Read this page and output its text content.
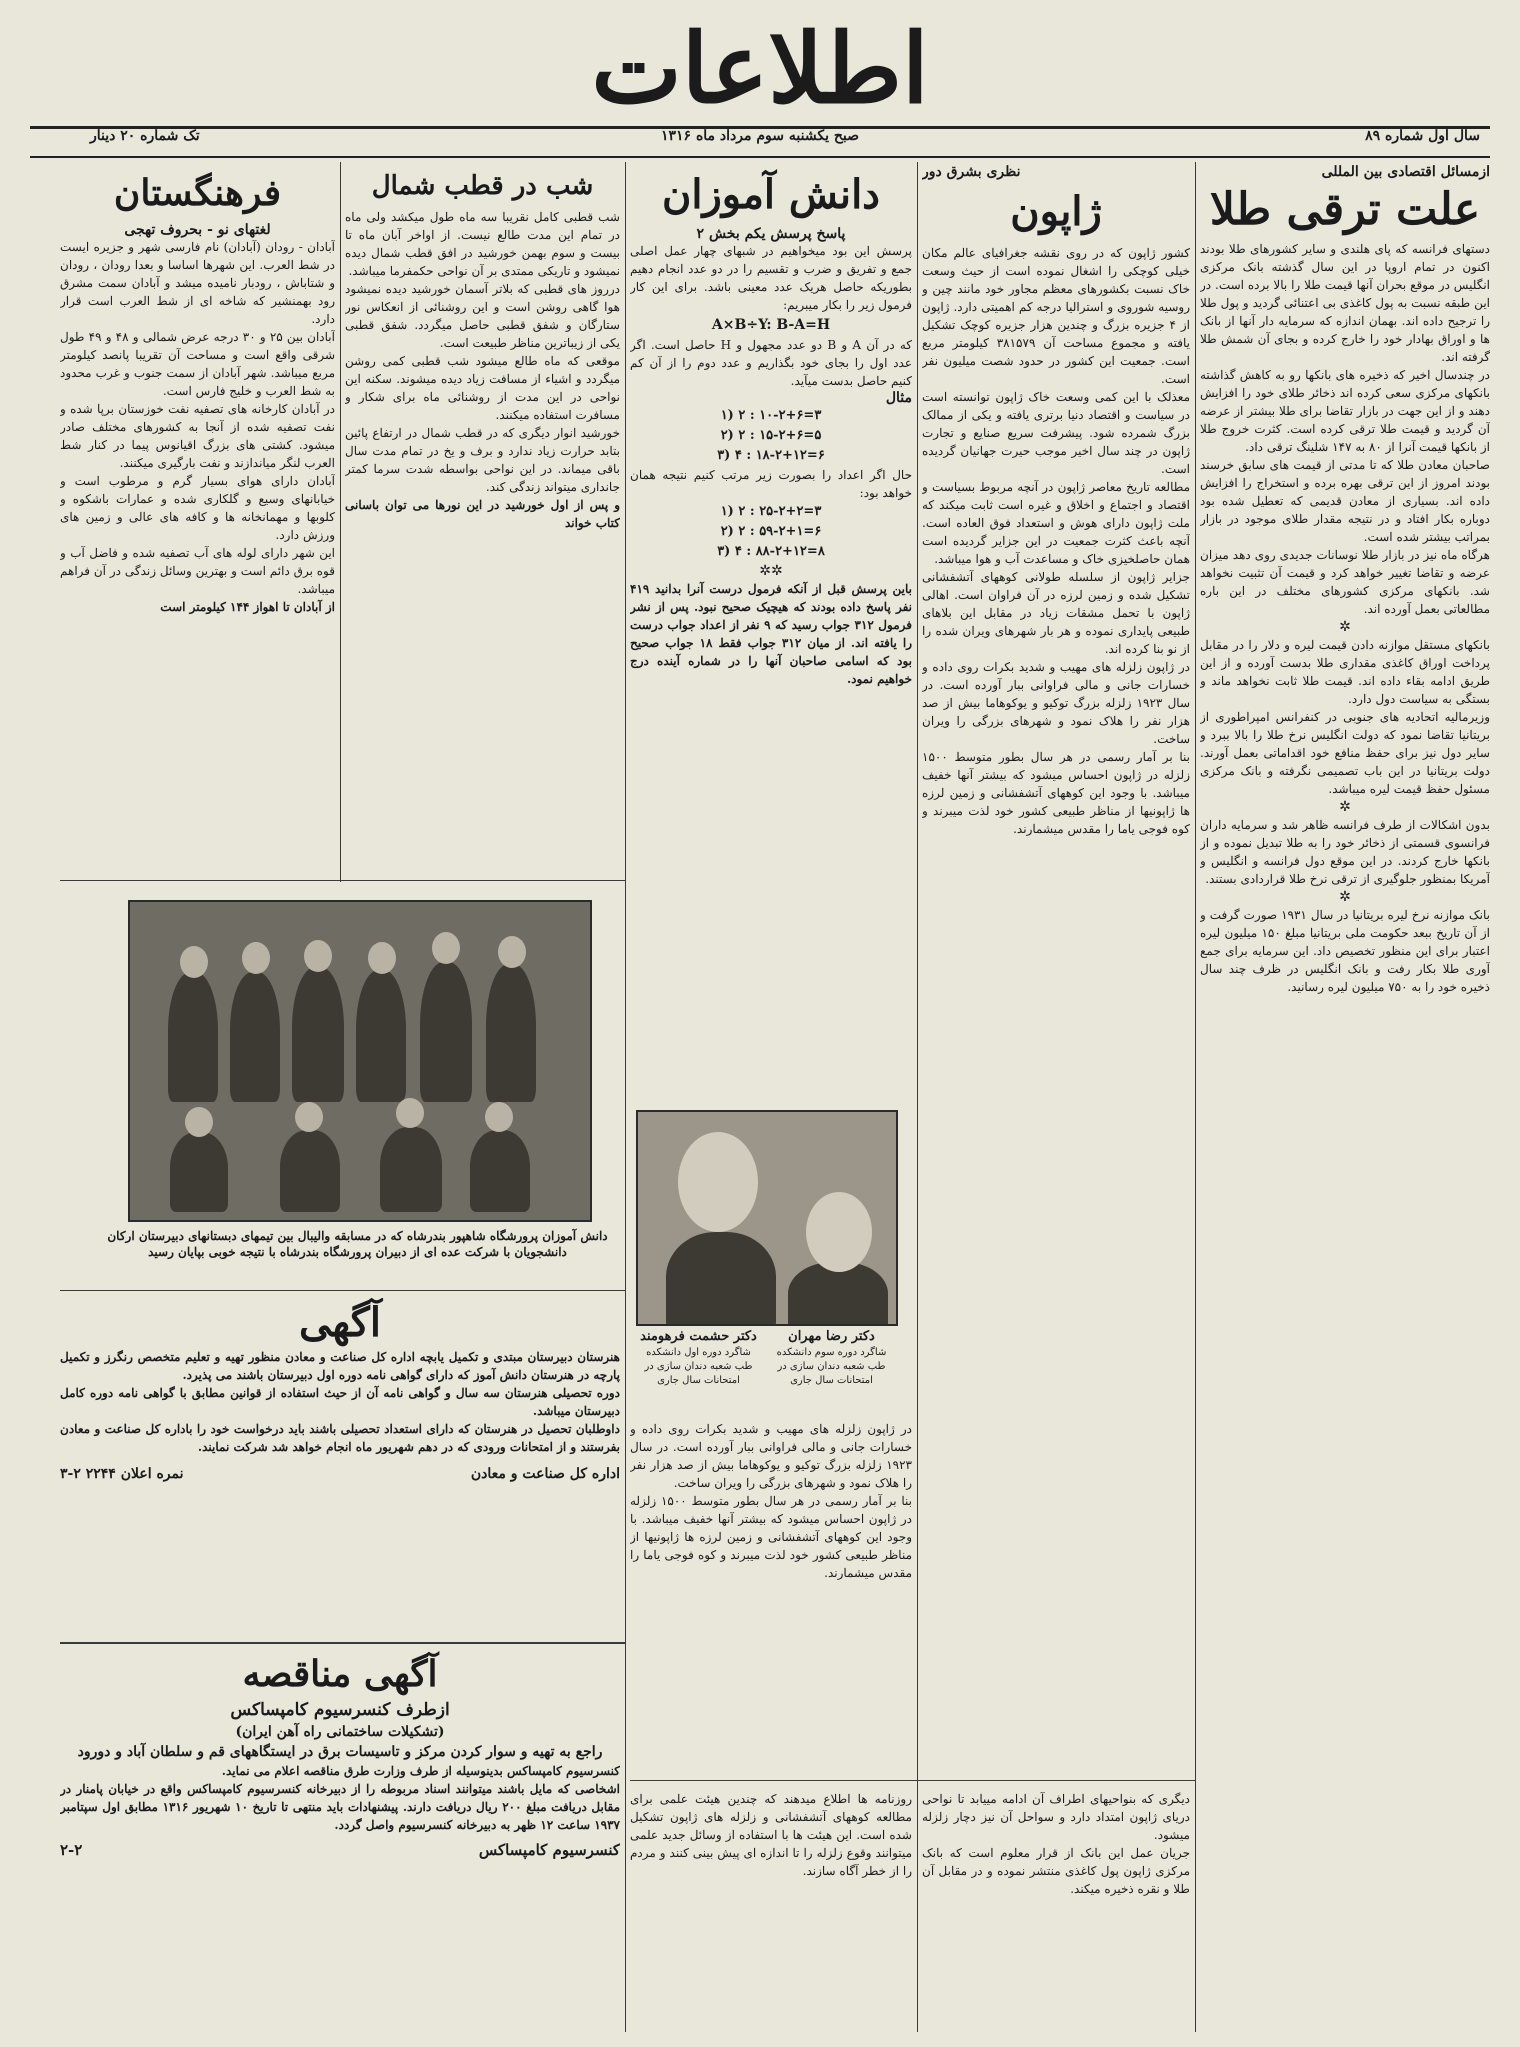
اطلاعات
سال اول شماره ۸۹
صبح یکشنبه سوم مرداد ماه ۱۳۱۶
تک شماره ۲۰ دینار
ازمسائل اقتصادی بین المللی
علت ترقی طلا
دستهای فرانسه که پای هلندی و سایر کشورهای طلا بودند اکنون در تمام اروپا در این سال گذشته بانک مرکزی انگلیس در موقع بحران آنها قیمت طلا را بالا برده است. در این طبقه نسبت به پول کاغذی بی اعتنائی گردید و پول طلا را ترجیح داده اند. بهمان اندازه که سرمایه دار آنها از بانک ها و اوراق بهادار خود را خارج کرده و بجای آن شمش طلا گرفته اند.
در چندسال اخیر که ذخیره های بانکها رو به کاهش گذاشته بانکهای مرکزی سعی کرده اند ذخائر طلای خود را افزایش دهند و از این جهت در بازار تقاضا برای طلا بیشتر از عرضه آن گردید و قیمت طلا ترقی کرده است. کثرت خروج طلا از بانکها قیمت آنرا از ۸۰ به ۱۴۷ شلینگ ترقی داد.
صاحبان معادن طلا که تا مدتی از قیمت های سابق خرسند بودند امروز از این ترقی بهره برده و استخراج را افزایش داده اند. بسیاری از معادن قدیمی که تعطیل شده بود دوباره بکار افتاد و در نتیجه مقدار طلای موجود در بازار بمراتب بیشتر شده است.
هرگاه ماه نیز در بازار طلا نوسانات جدیدی روی دهد میزان عرضه و تقاضا تغییر خواهد کرد و قیمت آن تثبیت نخواهد شد. بانکهای مرکزی کشورهای مختلف در این باره مطالعاتی بعمل آورده اند.
✲
بانکهای مستقل موازنه دادن قیمت لیره و دلار را در مقابل پرداخت اوراق کاغذی مقداری طلا بدست آورده و از این طریق ادامه بقاء داده اند. قیمت طلا ثابت نخواهد ماند و بستگی به سیاست دول دارد.
وزیرمالیه اتحادیه های جنوبی در کنفرانس امپراطوری از بریتانیا تقاضا نمود که دولت انگلیس نرخ طلا را بالا ببرد و سایر دول نیز برای حفظ منافع خود اقداماتی بعمل آورند. دولت بریتانیا در این باب تصمیمی نگرفته و بانک مرکزی مسئول حفظ قیمت لیره میباشد.
✲
بدون اشکالات از طرف فرانسه ظاهر شد و سرمایه داران فرانسوی قسمتی از ذخائر خود را به طلا تبدیل نموده و از بانکها خارج کردند. در این موقع دول فرانسه و انگلیس و آمریکا بمنظور جلوگیری از ترقی نرخ طلا قراردادی بستند.
✲
بانک موازنه نرخ لیره بریتانیا در سال ۱۹۳۱ صورت گرفت و از آن تاریخ ببعد حکومت ملی بریتانیا مبلغ ۱۵۰ میلیون لیره اعتبار برای این منظور تخصیص داد. این سرمایه برای جمع آوری طلا بکار رفت و بانک انگلیس در ظرف چند سال ذخیره خود را به ۷۵۰ میلیون لیره رسانید.
نظری بشرق دور
ژاپون
کشور ژاپون که در روی نقشه جغرافیای عالم مکان خیلی کوچکی را اشغال نموده است از حیث وسعت خاک نسبت بکشورهای معظم مجاور خود مانند چین و روسیه شوروی و استرالیا درجه کم اهمیتی دارد. ژاپون از ۴ جزیره بزرگ و چندین هزار جزیره کوچک تشکیل یافته و مجموع مساحت آن ۳۸۱۵۷۹ کیلومتر مربع است. جمعیت این کشور در حدود شصت میلیون نفر است.
معذلک با این کمی وسعت خاک ژاپون توانسته است در سیاست و اقتصاد دنیا برتری یافته و یکی از ممالک بزرگ شمرده شود. پیشرفت سریع صنایع و تجارت ژاپون در چند سال اخیر موجب حیرت جهانیان گردیده است.
مطالعه تاریخ معاصر ژاپون در آنچه مربوط بسیاست و اقتصاد و اجتماع و اخلاق و غیره است ثابت میکند که ملت ژاپون دارای هوش و استعداد فوق العاده است. آنچه باعث کثرت جمعیت در این جزایر گردیده است همان حاصلخیزی خاک و مساعدت آب و هوا میباشد.
جزایر ژاپون از سلسله طولانی کوههای آتشفشانی تشکیل شده و زمین لرزه در آن فراوان است. اهالی ژاپون با تحمل مشقات زیاد در مقابل این بلاهای طبیعی پایداری نموده و هر بار شهرهای ویران شده را از نو بنا کرده اند.
در ژاپون زلزله های مهیب و شدید بکرات روی داده و خسارات جانی و مالی فراوانی ببار آورده است. در سال ۱۹۲۳ زلزله بزرگ توکیو و یوکوهاما بیش از صد هزار نفر را هلاک نمود و شهرهای بزرگی را ویران ساخت.
بنا بر آمار رسمی در هر سال بطور متوسط ۱۵۰۰ زلزله در ژاپون احساس میشود که بیشتر آنها خفیف میباشد. با وجود این کوههای آتشفشانی و زمین لرزه ها ژاپونیها از مناظر طبیعی کشور خود لذت میبرند و کوه فوجی یاما را مقدس میشمارند.
دانش آموزان
پاسخ پرسش یکم بخش ۲
پرسش این بود میخواهیم در شبهای چهار عمل اصلی جمع و تفریق و ضرب و تقسیم را در دو عدد انجام دهیم بطوریکه حاصل هریک عدد معینی باشد. برای این کار فرمول زیر را بکار میبریم:
A×B÷Y: B-A=H
که در آن A و B دو عدد مجهول و H حاصل است. اگر عدد اول را بجای خود بگذاریم و عدد دوم را از آن کم کنیم حاصل بدست میآید.
مثال
۳=۱۰-۲+۶ : ۲ (۱
۵=۱۵-۲+۶ : ۲ (۲
۶=۱۸-۲+۱۲ : ۴ (۳
حال اگر اعداد را بصورت زیر مرتب کنیم نتیجه همان خواهد بود:
۳=۲۵-۲+۲ : ۲ (۱
۶=۵۹-۲+۱ : ۲ (۲
۸=۸۸-۲+۱۲ : ۴ (۳
✲✲
باین پرسش قبل از آنکه فرمول درست آنرا بدانید ۴۱۹ نفر پاسخ داده بودند که هیچیک صحیح نبود. پس از نشر فرمول ۳۱۲ جواب رسید که ۹ نفر از اعداد جواب درست را یافته اند. از میان ۳۱۲ جواب فقط ۱۸ جواب صحیح بود که اسامی صاحبان آنها را در شماره آینده درج خواهیم نمود.
شب در قطب شمال
شب قطبی کامل نقریبا سه ماه طول میکشد ولی ماه در تمام این مدت طالع نیست. از اواخر آبان ماه تا بیست و سوم بهمن خورشید در افق قطب شمال دیده نمیشود و تاریکی ممتدی بر آن نواحی حکمفرما میباشد.
درروز های قطبی که بلاتر آسمان خورشید دیده نمیشود هوا گاهی روشن است و این روشنائی از انعکاس نور ستارگان و شفق قطبی حاصل میگردد. شفق قطبی یکی از زیباترین مناظر طبیعت است.
موقعی که ماه طالع میشود شب قطبی کمی روشن میگردد و اشیاء از مسافت زیاد دیده میشوند. سکنه این نواحی در این مدت از روشنائی ماه برای شکار و مسافرت استفاده میکنند.
خورشید انوار دیگری که در قطب شمال در ارتفاع پائین بتابد حرارت زیاد ندارد و برف و یخ در تمام مدت سال باقی میماند. در این نواحی بواسطه شدت سرما کمتر جانداری میتواند زندگی کند.
و پس از اول خورشید در این نورها می توان باسانی کتاب خواند
فرهنگستان
لغتهای نو - بحروف تهجی
آبادان - رودان (آبادان) نام فارسی شهر و جزیره ایست در شط العرب. این شهرها اساسا و بعدا رودان ، رودان و شتاباش ، رودبار نامیده میشد و آبادان سمت مشرق رود بهمنشیر که شاخه ای از شط العرب است قرار دارد.
آبادان بین ۲۵ و ۳۰ درجه عرض شمالی و ۴۸ و ۴۹ طول شرقی واقع است و مساحت آن تقریبا پانصد کیلومتر مربع میباشد. شهر آبادان از سمت جنوب و غرب محدود به شط العرب و خلیج فارس است.
در آبادان کارخانه های تصفیه نفت خوزستان برپا شده و نفت تصفیه شده از آنجا به کشورهای مختلف صادر میشود. کشتی های بزرگ اقیانوس پیما در کنار شط العرب لنگر میاندازند و نفت بارگیری میکنند.
آبادان دارای هوای بسیار گرم و مرطوب است و خیابانهای وسیع و گلکاری شده و عمارات باشکوه و کلوبها و مهمانخانه ها و کافه های عالی و زمین های ورزش دارد.
این شهر دارای لوله های آب تصفیه شده و فاضل آب و قوه برق دائم است و بهترین وسائل زندگی در آن فراهم میباشد.
از آبادان تا اهواز ۱۴۴ کیلومتر است
دانش آموزان پرورشگاه شاهپور بندرشاه که در مسابقه والیبال بین تیمهای دبستانهای دبیرستان ارکان دانشجویان با شرکت عده ای از دبیران پرورشگاه بندرشاه با نتیجه خوبی بپایان رسید
دکتر رضا مهران
شاگرد دوره سوم دانشکده طب شعبه دندان سازی در امتحانات سال جاری
دکتر حشمت فرهومند
شاگرد دوره اول دانشکده طب شعبه دندان سازی در امتحانات سال جاری
در ژاپون زلزله های مهیب و شدید بکرات روی داده و خسارات جانی و مالی فراوانی ببار آورده است. در سال ۱۹۲۳ زلزله بزرگ توکیو و یوکوهاما بیش از صد هزار نفر را هلاک نمود و شهرهای بزرگی را ویران ساخت.
بنا بر آمار رسمی در هر سال بطور متوسط ۱۵۰۰ زلزله در ژاپون احساس میشود که بیشتر آنها خفیف میباشد. با وجود این کوههای آتشفشانی و زمین لرزه ها ژاپونیها از مناظر طبیعی کشور خود لذت میبرند و کوه فوجی یاما را مقدس میشمارند.
دیگری که بنواحیهای اطراف آن ادامه مییابد تا نواحی دریای ژاپون امتداد دارد و سواحل آن نیز دچار زلزله میشود.
جریان عمل این بانک از قرار معلوم است که بانک مرکزی ژاپون پول کاغذی منتشر نموده و در مقابل آن طلا و نقره ذخیره میکند.
روزنامه ها اطلاع میدهند که چندین هیئت علمی برای مطالعه کوههای آتشفشانی و زلزله های ژاپون تشکیل شده است. این هیئت ها با استفاده از وسائل جدید علمی میتوانند وقوع زلزله را تا اندازه ای پیش بینی کنند و مردم را از خطر آگاه سازند.
آگهی
هنرستان دبیرستان مبتدی و تکمیل یابچه اداره کل صناعت و معادن منظور تهیه و تعلیم متخصص رنگرز و تکمیل پارچه در هنرستان دانش آموز که دارای گواهی نامه دوره اول دبیرستان باشند می پذیرد.
دوره تحصیلی هنرستان سه سال و گواهی نامه آن از حیث استفاده از قوانین مطابق با گواهی نامه دوره کامل دبیرستان میباشد.
داوطلبان تحصیل در هنرستان که دارای استعداد تحصیلی باشند باید درخواست خود را باداره کل صناعت و معادن بفرستند و از امتحانات ورودی که در دهم شهریور ماه انجام خواهد شد شرکت نمایند.
اداره کل صناعت و معادن
نمره اعلان ۲۲۴۴ ۲-۳
آگهی مناقصه
ازطرف کنسرسیوم کامپساکس
(تشکیلات ساختمانی راه آهن ایران)
راجع به تهیه و سوار کردن مرکز و تاسیسات برق در ایستگاههای قم و سلطان آباد و دورود
کنسرسیوم کامپساکس بدینوسیله از طرف وزارت طرق مناقصه اعلام می نماید.
اشخاصی که مایل باشند میتوانند اسناد مربوطه را از دبیرخانه کنسرسیوم کامپساکس واقع در خیابان پامنار در مقابل دریافت مبلغ ۲۰۰ ریال دریافت دارند. پیشنهادات باید منتهی تا تاریخ ۱۰ شهریور ۱۳۱۶ مطابق اول سپتامبر ۱۹۳۷ ساعت ۱۲ ظهر به دبیرخانه کنسرسیوم واصل گردد.
کنسرسیوم کامپساکس
۲-۲
